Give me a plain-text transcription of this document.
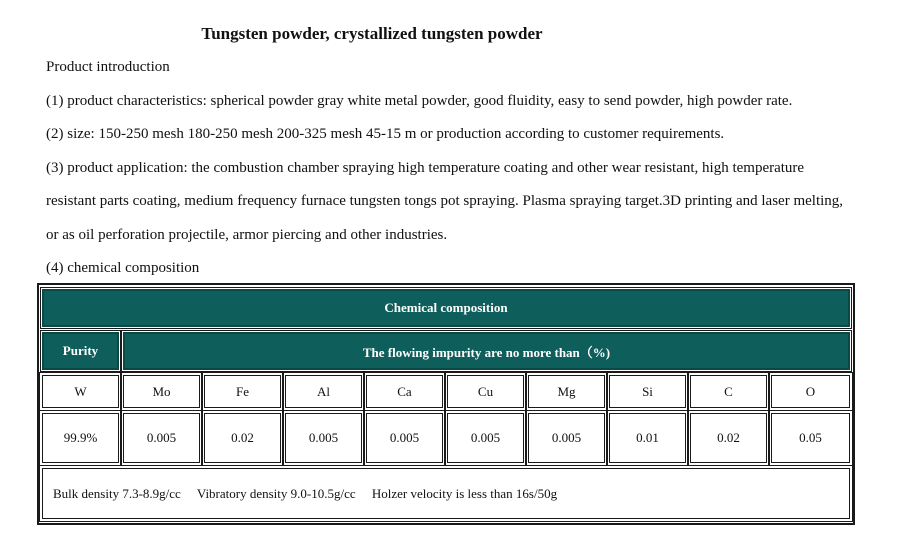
Tungsten powder, crystallized tungsten powder
Product introduction
(1) product characteristics: spherical powder gray white metal powder, good fluidity, easy to send powder, high powder rate.
(2) size: 150-250 mesh 180-250 mesh 200-325 mesh 45-15 m or production according to customer requirements.
(3) product application: the combustion chamber spraying high temperature coating and other wear resistant, high temperature
resistant parts coating, medium frequency furnace tungsten tongs pot spraying. Plasma spraying target.3D printing and laser melting,
or as oil perforation projectile, armor piercing and other industries.
(4) chemical composition
Chemical composition
Purity	The flowing impurity are no more than（%)
W	Mo	Fe	Al	Ca	Cu	Mg	Si	C	O
99.9%	0.005	0.02	0.005	0.005	0.005	0.005	0.01	0.02	0.05
Bulk density 7.3-8.9g/cc     Vibratory density 9.0-10.5g/cc     Holzer velocity is less than 16s/50g
